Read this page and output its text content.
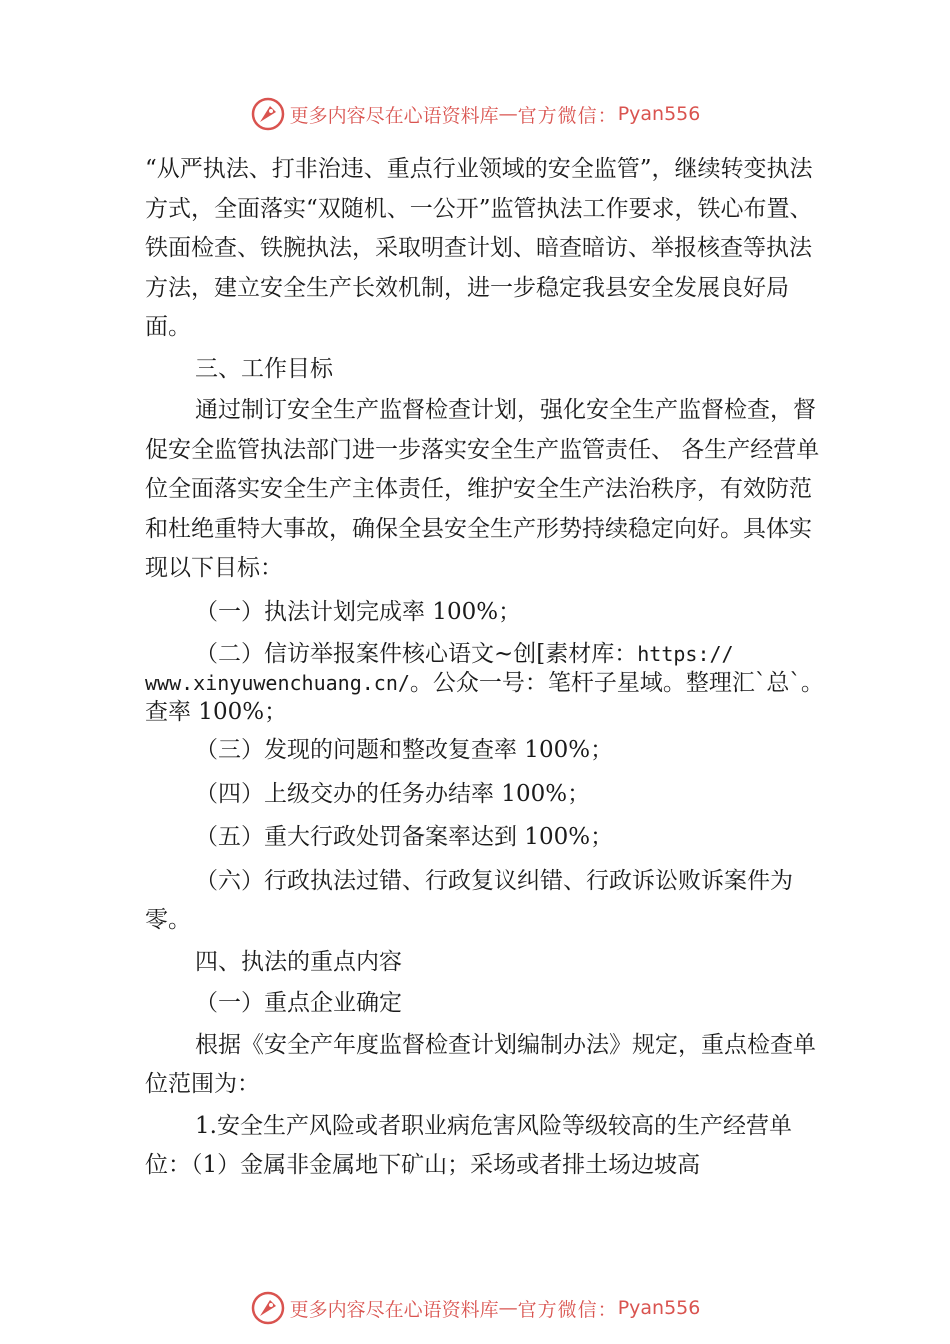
更多内容尽在心语资料库 — 官方微信： Pyan556

“从严执法、打非治违、重点行业领域的安全监管”，继续转变执法方式，全面落实“双随机、一公开”监管执法工作要求，铁心布置、铁面检查、铁腕执法，采取明查计划、暗查暗访、举报核查等执法方法，建立安全生产长效机制，进一步稳定我县安全发展良好局面。

三、工作目标

通过制订安全生产监督检查计划，强化安全生产监督检查，督促安全监管执法部门进一步落实安全生产监管责任、 各生产经营单位全面落实安全生产主体责任，维护安全生产法治秩序，有效防范和杜绝重特大事故，确保全县安全生产形势持续稳定向好。具体实现以下目标：

（一）执法计划完成率 100%；

（二）信访举报案件核心语文~创[素材库：https://
www.xinyuwenchuang.cn/。公众一号：笔杆子星域。整理汇`总`。查率 100%；

（三）发现的问题和整改复查率 100%；

（四）上级交办的任务办结率 100%；

（五）重大行政处罚备案率达到 100%；

（六）行政执法过错、行政复议纠错、行政诉讼败诉案件为零。

四、执法的重点内容

（一）重点企业确定

根据《安全产年度监督检查计划编制办法》规定，重点检查单位范围为：

1.安全生产风险或者职业病危害风险等级较高的生产经营单位：（1）金属非金属地下矿山；采场或者排土场边坡高

更多内容尽在心语资料库 — 官方微信： Pyan556
